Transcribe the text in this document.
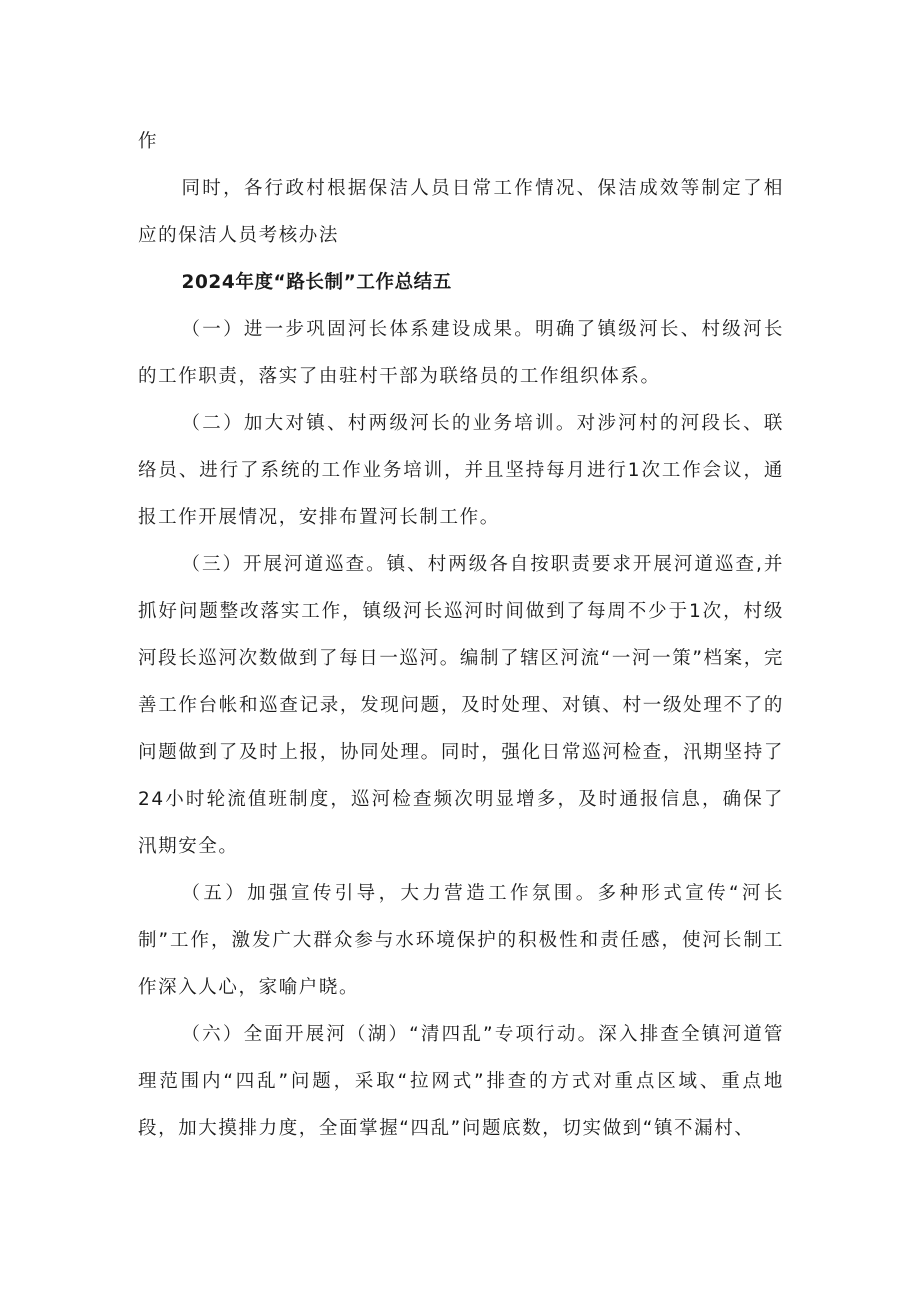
作

同时，各行政村根据保洁人员日常工作情况、保洁成效等制定了相应的保洁人员考核办法

2024年度“路长制”工作总结五

（一）进一步巩固河长体系建设成果。明确了镇级河长、村级河长的工作职责，落实了由驻村干部为联络员的工作组织体系。

（二）加大对镇、村两级河长的业务培训。对涉河村的河段长、联络员、进行了系统的工作业务培训，并且坚持每月进行1次工作会议，通报工作开展情况，安排布置河长制工作。

（三）开展河道巡查。镇、村两级各自按职责要求开展河道巡查,并抓好问题整改落实工作，镇级河长巡河时间做到了每周不少于1次，村级河段长巡河次数做到了每日一巡河。编制了辖区河流“一河一策”档案，完善工作台帐和巡查记录，发现问题，及时处理、对镇、村一级处理不了的问题做到了及时上报，协同处理。同时，强化日常巡河检查，汛期坚持了24小时轮流值班制度，巡河检查频次明显增多，及时通报信息，确保了汛期安全。

（五）加强宣传引导，大力营造工作氛围。多种形式宣传“河长制”工作，激发广大群众参与水环境保护的积极性和责任感，使河长制工作深入人心，家喻户晓。

（六）全面开展河（湖）“清四乱”专项行动。深入排查全镇河道管理范围内“四乱”问题，采取“拉网式”排查的方式对重点区域、重点地段，加大摸排力度，全面掌握“四乱”问题底数，切实做到“镇不漏村、
